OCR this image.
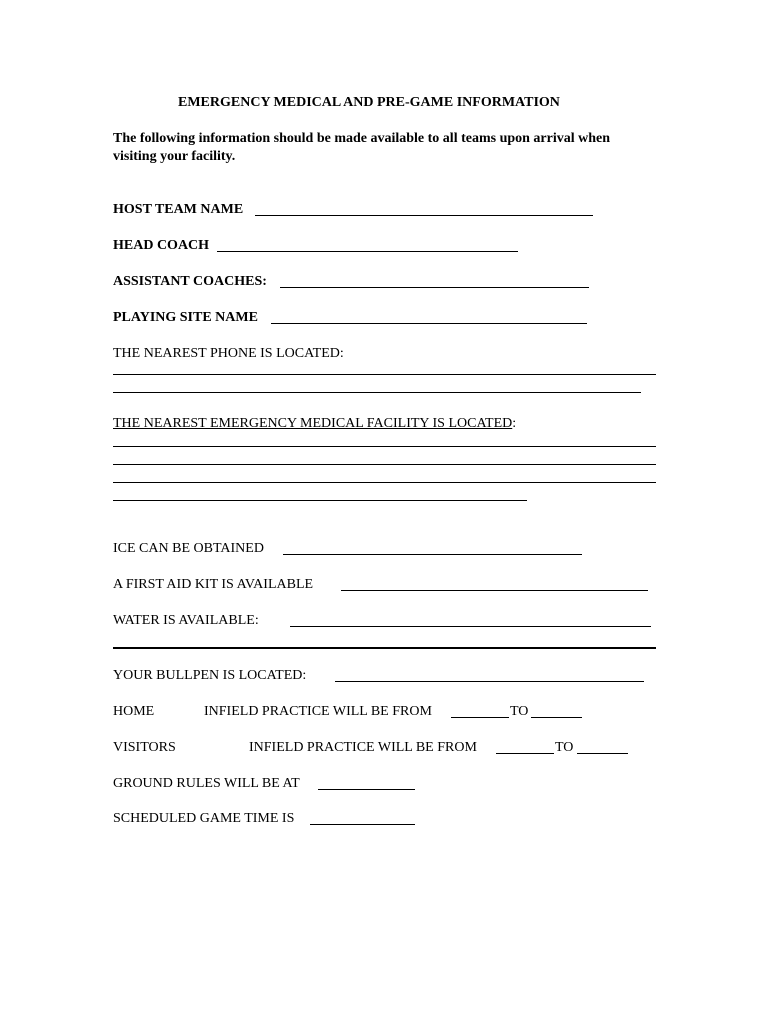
EMERGENCY MEDICAL AND PRE-GAME INFORMATION
The following information should be made available to all teams upon arrival when
visiting your facility.
HOST TEAM NAME
HEAD COACH
ASSISTANT COACHES:
PLAYING SITE NAME
THE NEAREST PHONE IS LOCATED:
THE NEAREST EMERGENCY MEDICAL FACILITY IS LOCATED:
ICE CAN BE OBTAINED
A FIRST AID KIT IS AVAILABLE
WATER IS AVAILABLE:
YOUR BULLPEN IS LOCATED:
HOME	INFIELD PRACTICE WILL BE FROM	TO
VISITORS	INFIELD PRACTICE WILL BE FROM	TO
GROUND RULES WILL BE AT
SCHEDULED GAME TIME IS
